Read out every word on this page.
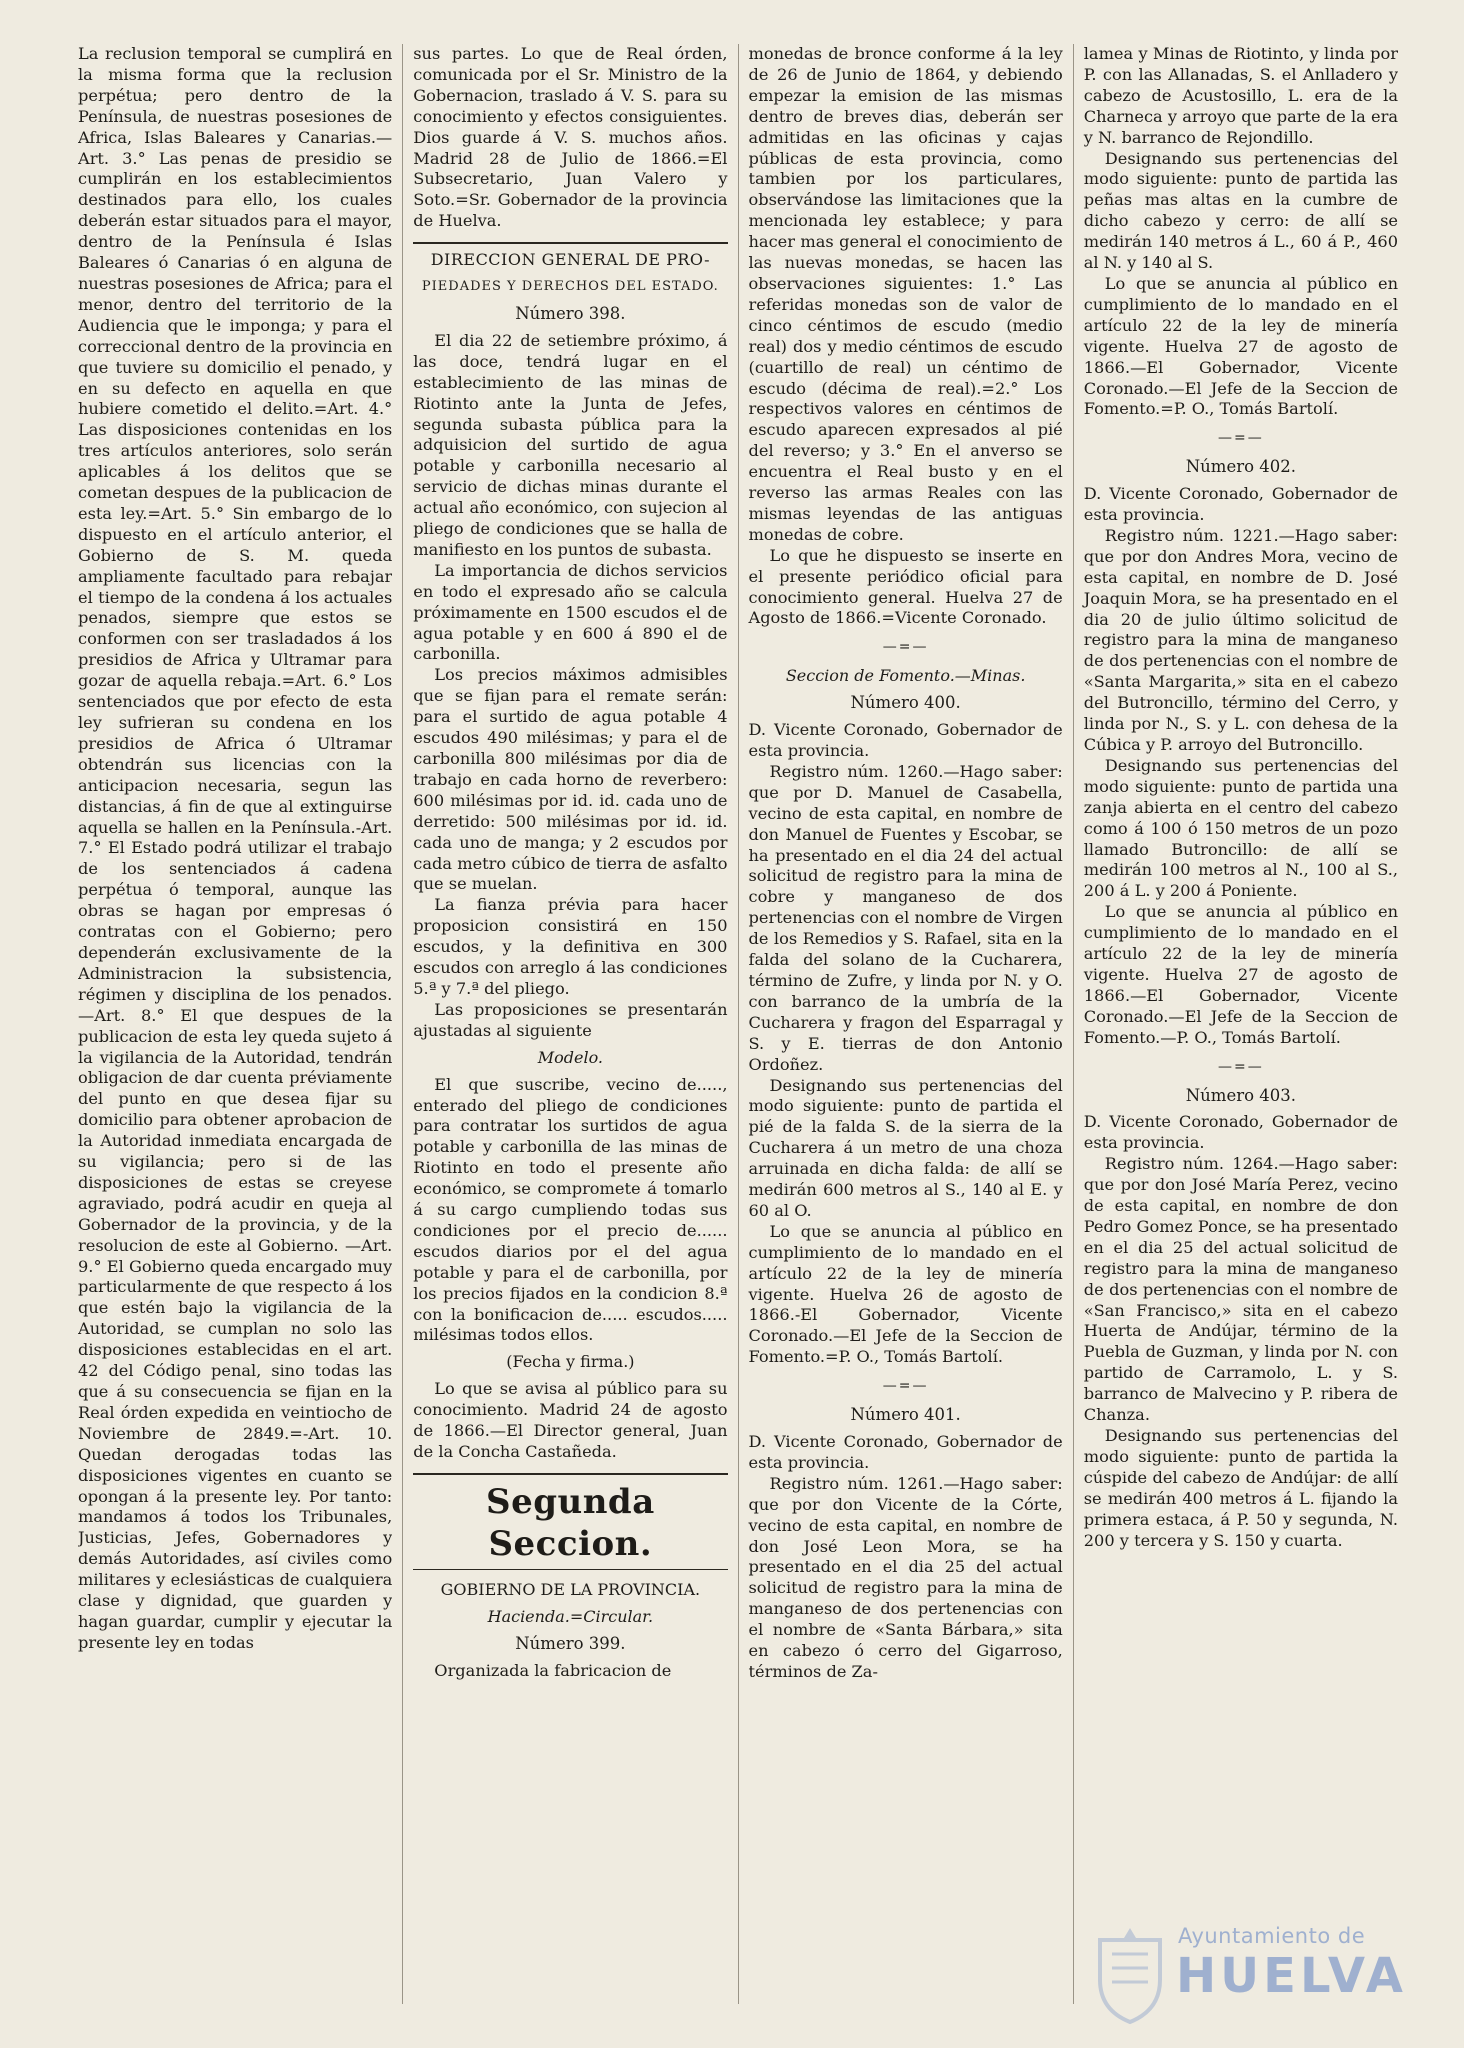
La reclusion temporal se cumplirá en la misma forma que la reclusion perpétua; pero dentro de la Península, de nuestras posesiones de Africa, Islas Baleares y Canarias.—Art. 3.° Las penas de presidio se cumplirán en los establecimientos destinados para ello, los cuales deberán estar situados para el mayor, dentro de la Península é Islas Baleares ó Canarias ó en alguna de nuestras posesiones de Africa; para el menor, dentro del territorio de la Audiencia que le imponga; y para el correccional dentro de la provincia en que tuviere su domicilio el penado, y en su defecto en aquella en que hubiere cometido el delito.=Art. 4.° Las disposiciones contenidas en los tres artículos anteriores, solo serán aplicables á los delitos que se cometan despues de la publicacion de esta ley.=Art. 5.° Sin embargo de lo dispuesto en el artículo anterior, el Gobierno de S. M. queda ampliamente facultado para rebajar el tiempo de la condena á los actuales penados, siempre que estos se conformen con ser trasladados á los presidios de Africa y Ultramar para gozar de aquella rebaja.=Art. 6.° Los sentenciados que por efecto de esta ley sufrieran su condena en los presidios de Africa ó Ultramar obtendrán sus licencias con la anticipacion necesaria, segun las distancias, á fin de que al extinguirse aquella se hallen en la Península.-Art. 7.° El Estado podrá utilizar el trabajo de los sentenciados á cadena perpétua ó temporal, aunque las obras se hagan por empresas ó contratas con el Gobierno; pero dependerán exclusivamente de la Administracion la subsistencia, régimen y disciplina de los penados.—Art. 8.° El que despues de la publicacion de esta ley queda sujeto á la vigilancia de la Autoridad, tendrán obligacion de dar cuenta préviamente del punto en que desea fijar su domicilio para obtener aprobacion de la Autoridad inmediata encargada de su vigilancia; pero si de las disposiciones de estas se creyese agraviado, podrá acudir en queja al Gobernador de la provincia, y de la resolucion de este al Gobierno. —Art. 9.° El Gobierno queda encargado muy particularmente de que respecto á los que estén bajo la vigilancia de la Autoridad, se cumplan no solo las disposiciones establecidas en el art. 42 del Código penal, sino todas las que á su consecuencia se fijan en la Real órden expedida en veintiocho de Noviembre de 2849.=-Art. 10. Quedan derogadas todas las disposiciones vigentes en cuanto se opongan á la presente ley. Por tanto: mandamos á todos los Tribunales, Justicias, Jefes, Gobernadores y demás Autoridades, así civiles como militares y eclesiásticas de cualquiera clase y dignidad, que guarden y hagan guardar, cumplir y ejecutar la presente ley en todas

sus partes. Lo que de Real órden, comunicada por el Sr. Ministro de la Gobernacion, traslado á V. S. para su conocimiento y efectos consiguientes. Dios guarde á V. S. muchos años. Madrid 28 de Julio de 1866.=El Subsecretario, Juan Valero y Soto.=Sr. Gobernador de la provincia de Huelva.

DIRECCION GENERAL DE PRO-
PIEDADES Y DERECHOS DEL ESTADO.
Número 398.

El dia 22 de setiembre próximo, á las doce, tendrá lugar en el establecimiento de las minas de Riotinto ante la Junta de Jefes, segunda subasta pública para la adquisicion del surtido de agua potable y carbonilla necesario al servicio de dichas minas durante el actual año económico, con sujecion al pliego de condiciones que se halla de manifiesto en los puntos de subasta.

La importancia de dichos servicios en todo el expresado año se calcula próximamente en 1500 escudos el de agua potable y en 600 á 890 el de carbonilla.

Los precios máximos admisibles que se fijan para el remate serán: para el surtido de agua potable 4 escudos 490 milésimas; y para el de carbonilla 800 milésimas por dia de trabajo en cada horno de reverbero: 600 milésimas por id. id. cada uno de derretido: 500 milésimas por id. id. cada uno de manga; y 2 escudos por cada metro cúbico de tierra de asfalto que se muelan.

La fianza prévia para hacer proposicion consistirá en 150 escudos, y la definitiva en 300 escudos con arreglo á las condiciones 5.ª y 7.ª del pliego.

Las proposiciones se presentarán ajustadas al siguiente

Modelo.

El que suscribe, vecino de....., enterado del pliego de condiciones para contratar los surtidos de agua potable y carbonilla de las minas de Riotinto en todo el presente año económico, se compromete á tomarlo á su cargo cumpliendo todas sus condiciones por el precio de...... escudos diarios por el del agua potable y para el de carbonilla, por los precios fijados en la condicion 8.ª con la bonificacion de..... escudos..... milésimas todos ellos.

(Fecha y firma.)

Lo que se avisa al público para su conocimiento. Madrid 24 de agosto de 1866.—El Director general, Juan de la Concha Castañeda.

Segunda Seccion.
GOBIERNO DE LA PROVINCIA.
Hacienda.=Circular.
Número 399.

Organizada la fabricacion de

monedas de bronce conforme á la ley de 26 de Junio de 1864, y debiendo empezar la emision de las mismas dentro de breves dias, deberán ser admitidas en las oficinas y cajas públicas de esta provincia, como tambien por los particulares, observándose las limitaciones que la mencionada ley establece; y para hacer mas general el conocimiento de las nuevas monedas, se hacen las observaciones siguientes: 1.° Las referidas monedas son de valor de cinco céntimos de escudo (medio real) dos y medio céntimos de escudo (cuartillo de real) un céntimo de escudo (décima de real).=2.° Los respectivos valores en céntimos de escudo aparecen expresados al pié del reverso; y 3.° En el anverso se encuentra el Real busto y en el reverso las armas Reales con las mismas leyendas de las antiguas monedas de cobre.

Lo que he dispuesto se inserte en el presente periódico oficial para conocimiento general. Huelva 27 de Agosto de 1866.=Vicente Coronado.

—=—
Seccion de Fomento.—Minas.
Número 400.

D. Vicente Coronado, Gobernador de esta provincia.

Registro núm. 1260.—Hago saber: que por D. Manuel de Casabella, vecino de esta capital, en nombre de don Manuel de Fuentes y Escobar, se ha presentado en el dia 24 del actual solicitud de registro para la mina de cobre y manganeso de dos pertenencias con el nombre de Virgen de los Remedios y S. Rafael, sita en la falda del solano de la Cucharera, término de Zufre, y linda por N. y O. con barranco de la umbría de la Cucharera y fragon del Esparragal y S. y E. tierras de don Antonio Ordoñez.

Designando sus pertenencias del modo siguiente: punto de partida el pié de la falda S. de la sierra de la Cucharera á un metro de una choza arruinada en dicha falda: de allí se medirán 600 metros al S., 140 al E. y 60 al O.

Lo que se anuncia al público en cumplimiento de lo mandado en el artículo 22 de la ley de minería vigente. Huelva 26 de agosto de 1866.-El Gobernador, Vicente Coronado.—El Jefe de la Seccion de Fomento.=P. O., Tomás Bartolí.

—=—
Número 401.

D. Vicente Coronado, Gobernador de esta provincia.

Registro núm. 1261.—Hago saber: que por don Vicente de la Córte, vecino de esta capital, en nombre de don José Leon Mora, se ha presentado en el dia 25 del actual solicitud de registro para la mina de manganeso de dos pertenencias con el nombre de «Santa Bárbara,» sita en cabezo ó cerro del Gigarroso, términos de Za-

lamea y Minas de Riotinto, y linda por P. con las Allanadas, S. el Anlladero y cabezo de Acustosillo, L. era de la Charneca y arroyo que parte de la era y N. barranco de Rejondillo.

Designando sus pertenencias del modo siguiente: punto de partida las peñas mas altas en la cumbre de dicho cabezo y cerro: de allí se medirán 140 metros á L., 60 á P., 460 al N. y 140 al S.

Lo que se anuncia al público en cumplimiento de lo mandado en el artículo 22 de la ley de minería vigente. Huelva 27 de agosto de 1866.—El Gobernador, Vicente Coronado.—El Jefe de la Seccion de Fomento.=P. O., Tomás Bartolí.

—=—
Número 402.

D. Vicente Coronado, Gobernador de esta provincia.

Registro núm. 1221.—Hago saber: que por don Andres Mora, vecino de esta capital, en nombre de D. José Joaquin Mora, se ha presentado en el dia 20 de julio último solicitud de registro para la mina de manganeso de dos pertenencias con el nombre de «Santa Margarita,» sita en el cabezo del Butroncillo, término del Cerro, y linda por N., S. y L. con dehesa de la Cúbica y P. arroyo del Butroncillo.

Designando sus pertenencias del modo siguiente: punto de partida una zanja abierta en el centro del cabezo como á 100 ó 150 metros de un pozo llamado Butroncillo: de allí se medirán 100 metros al N., 100 al S., 200 á L. y 200 á Poniente.

Lo que se anuncia al público en cumplimiento de lo mandado en el artículo 22 de la ley de minería vigente. Huelva 27 de agosto de 1866.—El Gobernador, Vicente Coronado.—El Jefe de la Seccion de Fomento.—P. O., Tomás Bartolí.

—=—
Número 403.

D. Vicente Coronado, Gobernador de esta provincia.

Registro núm. 1264.—Hago saber: que por don José María Perez, vecino de esta capital, en nombre de don Pedro Gomez Ponce, se ha presentado en el dia 25 del actual solicitud de registro para la mina de manganeso de dos pertenencias con el nombre de «San Francisco,» sita en el cabezo Huerta de Andújar, término de la Puebla de Guzman, y linda por N. con partido de Carramolo, L. y S. barranco de Malvecino y P. ribera de Chanza.

Designando sus pertenencias del modo siguiente: punto de partida la cúspide del cabezo de Andújar: de allí se medirán 400 metros á L. fijando la primera estaca, á P. 50 y segunda, N. 200 y tercera y S. 150 y cuarta.

Ayuntamiento de
HUELVA
